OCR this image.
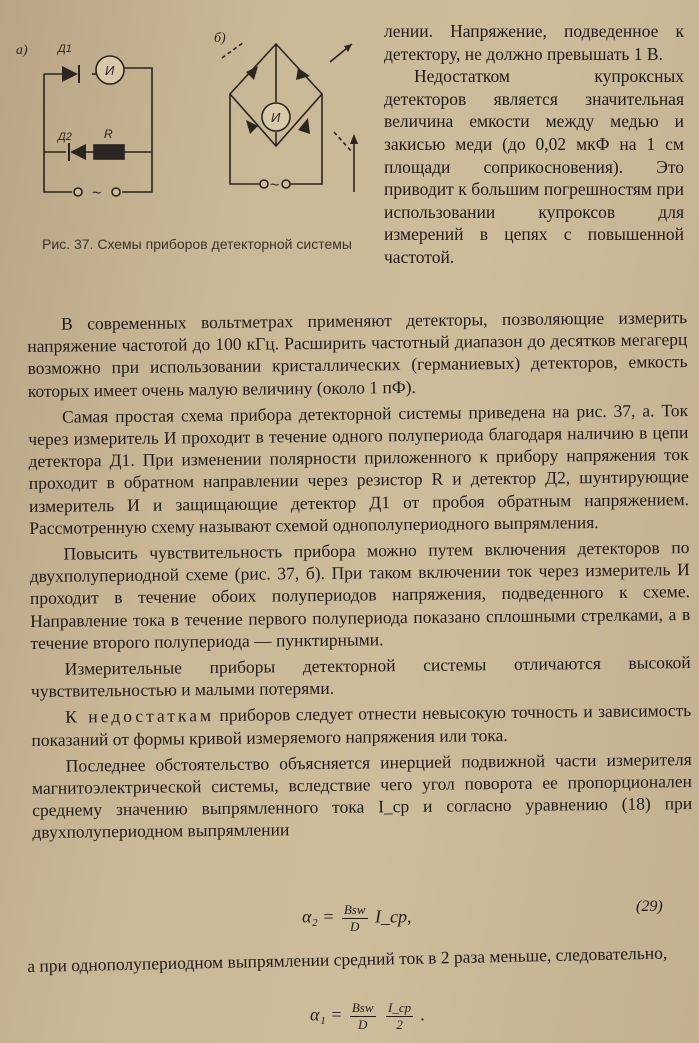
а)
б)
Д1
Д2	R
И
И
~	~
Рис. 37. Схемы приборов детекторной системы

лении. Напряжение, подведенное к детектору, не должно превышать 1 В.

Недостатком купроксных детекторов является значительная величина емкости между медью и закисью меди (до 0,02 мкФ на 1 см площади соприкосновения). Это приводит к большим погрешностям при использовании купроксов для измерений в цепях с повышенной частотой.

В современных вольтметрах применяют детекторы, позволяющие измерить напряжение частотой до 100 кГц. Расширить частотный диапазон до десятков мегагерц возможно при использовании кристаллических (германиевых) детекторов, емкость которых имеет очень малую величину (около 1 пФ).

Самая простая схема прибора детекторной системы приведена на рис. 37, а. Ток через измеритель И проходит в течение одного полупериода благодаря наличию в цепи детектора Д1. При изменении полярности приложенного к прибору напряжения ток проходит в обратном направлении через резистор R и детектор Д2, шунтирующие измеритель И и защищающие детектор Д1 от пробоя обратным напряжением. Рассмотренную схему называют схемой однополупериодного выпрямления.

Повысить чувствительность прибора можно путем включения детекторов по двухполупериодной схеме (рис. 37, б). При таком включении ток через измеритель И проходит в течение обоих полупериодов напряжения, подведенного к схеме. Направление тока в течение первого полупериода показано сплошными стрелками, а в течение второго полупериода — пунктирными.

Измерительные приборы детекторной системы отличаются высокой чувствительностью и малыми потерями.

К недостаткам приборов следует отнести невысокую точность и зависимость показаний от формы кривой измеряемого напряжения или тока.

Последнее обстоятельство объясняется инерцией подвижной части измерителя магнитоэлектрической системы, вследствие чего угол поворота ее пропорционален среднему значению выпрямленного тока I_ср и согласно уравнению (18) при двухполупериодном выпрямлении

$\alpha_2 = \frac{\text{Bsw}}{D}$ I_ср,
(29)

а при однополупериодном выпрямлении средний ток в 2 раза меньше, следовательно,

$\alpha_1 = \frac{\text{Bsw}}{D}$
$\frac{I\_ср}{2}$ .
